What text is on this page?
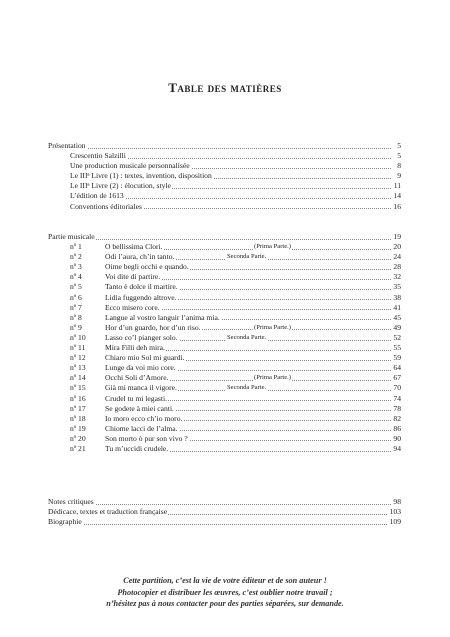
Table des matières
Présentation	5
Crescentio Salzilli	5
Une production musicale personnalisée	8
Le IIIᵉ Livre (1) : textes, invention, disposition	9
Le IIIᵉ Livre (2) : élocution, style	11
L’édition de 1613	14
Conventions éditoriales	16
Partie musicale	19
nº 1	O bellissima Clori.	(Prima Parte.)	20
nº 2	Odi l’aura, ch’in tanto.	Seconda Parte.	24
nº 3	Oime begli occhi e quando.	28
nº 4	Voi dite di partire.	32
nº 5	Tanto è dolce il martire.	35
nº 6	Lidia fuggendo altrove.	38
nº 7	Ecco misero core.	41
nº 8	Langue al vostro languir l’anima mia.	45
nº 9	Hor d’un guardo, hor d’un riso.	(Prima Parte.)	49
nº 10	Lasso co’l pianger solo.	Seconda Parte.	52
nº 11	Mira Filli deh mira.	55
nº 12	Chiaro mio Sol mi guardi.	59
nº 13	Lunge da voi mio core.	64
nº 14	Occhi Soli d’Amore.	(Prima Parte.)	67
nº 15	Già mi manca il vigore.	Seconda Parte.	70
nº 16	Crudel tu mi legasti.	74
nº 17	Se godete à miei canti.	78
nº 18	Io moro ecco ch’io moro.	82
nº 19	Chiome lacci de l’alma.	86
nº 20	Son morto ò pur son vivo ?	90
nº 21	Tu m’uccidi crudele.	94
Notes critiques	98
Dédicace, textes et traduction française	103
Biographie	109
Cette partition, c’est la vie de votre éditeur et de son auteur !
Photocopier et distribuer les œuvres, c’est oublier notre travail ;
n’hésitez pas à nous contacter pour des parties séparées, sur demande.
